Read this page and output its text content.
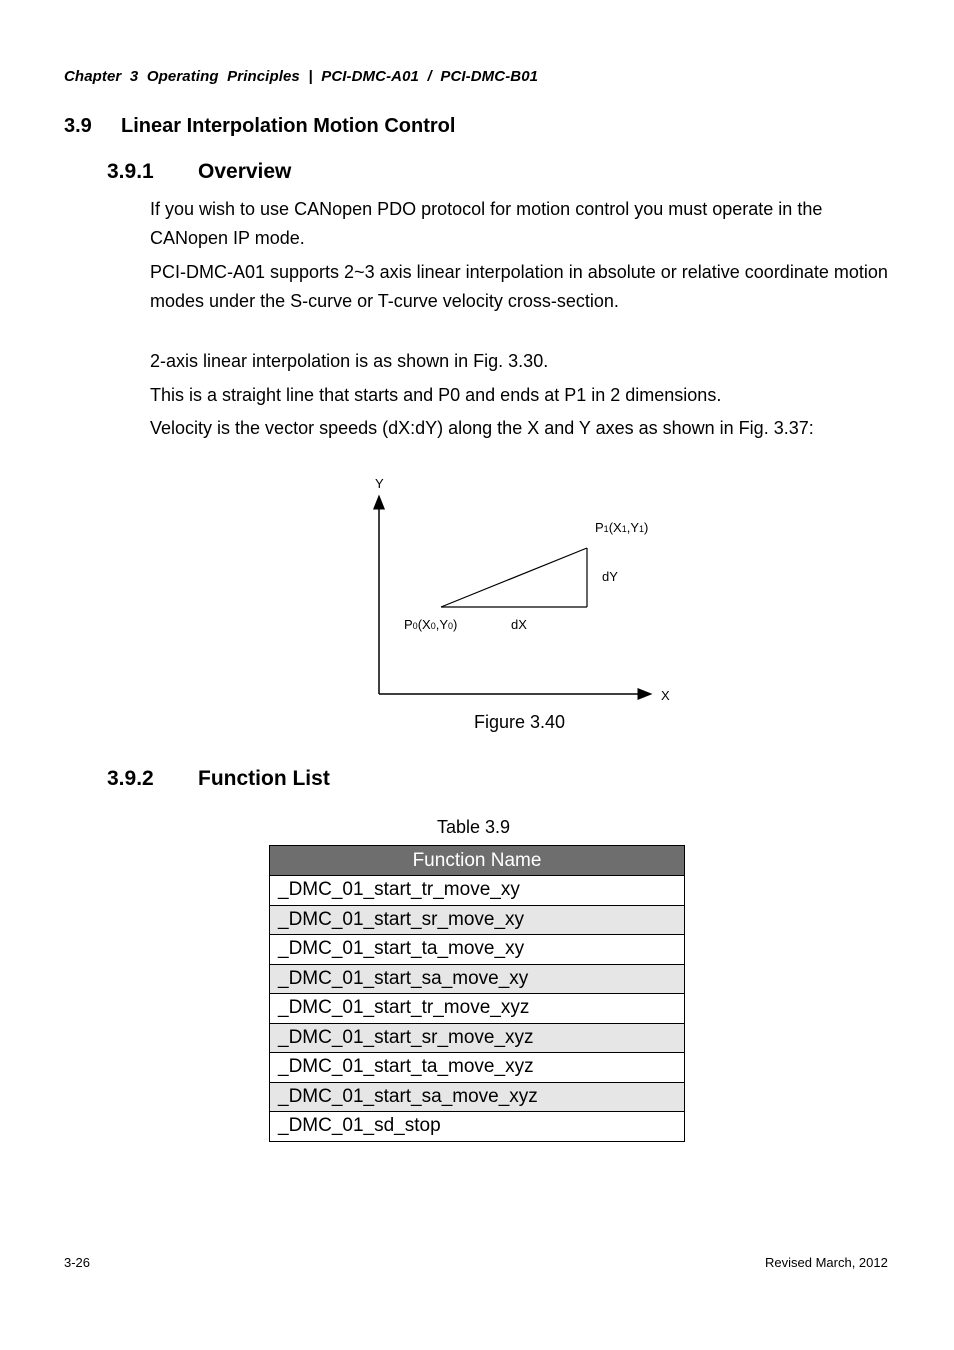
Chapter  3  Operating  Principles  |  PCI-DMC-A01  /  PCI-DMC-B01
3.9 Linear Interpolation Motion Control
3.9.1 Overview
If you wish to use CANopen PDO protocol for motion control you must operate in the CANopen IP mode.
PCI-DMC-A01 supports 2~3 axis linear interpolation in absolute or relative coordinate motion modes under the S-curve or T-curve velocity cross-section.
2-axis linear interpolation is as shown in Fig. 3.30.
This is a straight line that starts and P0 and ends at P1 in 2 dimensions.
Velocity is the vector speeds (dX:dY) along the X and Y axes as shown in Fig. 3.37:
Y
X
P1(X1,Y1)
P0(X0,Y0)
dY
dX
Figure 3.40
3.9.2 Function List
Table 3.9
Function Name
_DMC_01_start_tr_move_xy
_DMC_01_start_sr_move_xy
_DMC_01_start_ta_move_xy
_DMC_01_start_sa_move_xy
_DMC_01_start_tr_move_xyz
_DMC_01_start_sr_move_xyz
_DMC_01_start_ta_move_xyz
_DMC_01_start_sa_move_xyz
_DMC_01_sd_stop
3-26	Revised March, 2012
